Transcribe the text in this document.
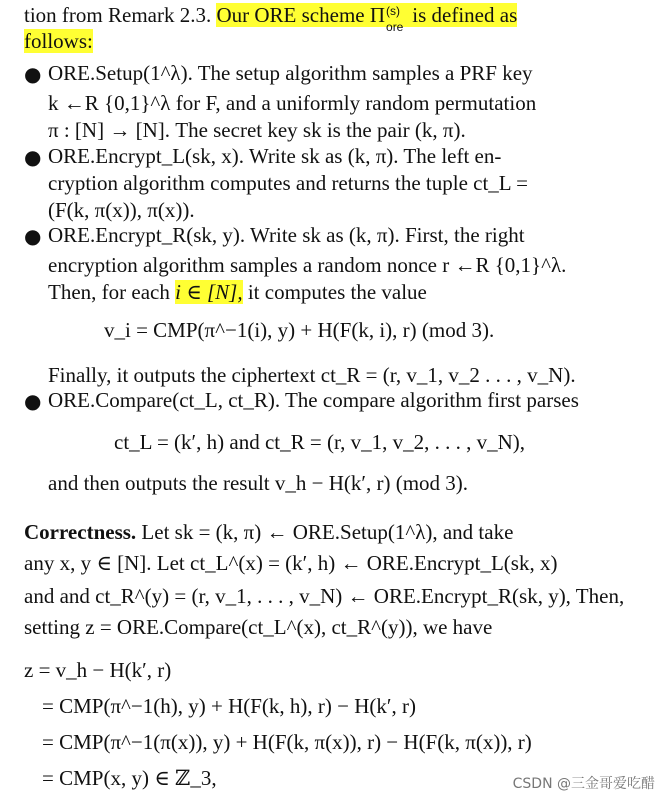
tion from Remark 2.3. Our ORE scheme Π (s)
ore is defined as
follows:
● ORE.Setup(1^λ). The setup algorithm samples a PRF key
k ←R {0,1}^λ for F, and a uniformly random permutation
π : [N] → [N]. The secret key sk is the pair (k, π).
● ORE.Encrypt_L(sk, x). Write sk as (k, π). The left en-
cryption algorithm computes and returns the tuple ct_L =
(F(k, π(x)), π(x)).
● ORE.Encrypt_R(sk, y). Write sk as (k, π). First, the right
encryption algorithm samples a random nonce r ←R {0,1}^λ.
Then, for each i ∈ [N], it computes the value
v_i = CMP(π^−1(i), y) + H(F(k, i), r) (mod 3).
Finally, it outputs the ciphertext ct_R = (r, v_1, v_2 . . . , v_N).
● ORE.Compare(ct_L, ct_R). The compare algorithm first parses
ct_L = (k′, h) and ct_R = (r, v_1, v_2, . . . , v_N),
and then outputs the result v_h − H(k′, r) (mod 3).
Correctness. Let sk = (k, π) ← ORE.Setup(1^λ), and take
any x, y ∈ [N]. Let ct_L^(x) = (k′, h) ← ORE.Encrypt_L(sk, x)
and and ct_R^(y) = (r, v_1, . . . , v_N) ← ORE.Encrypt_R(sk, y), Then,
setting z = ORE.Compare(ct_L^(x), ct_R^(y)), we have
z = v_h − H(k′, r)
= CMP(π^−1(h), y) + H(F(k, h), r) − H(k′, r)
= CMP(π^−1(π(x)), y) + H(F(k, π(x)), r) − H(F(k, π(x)), r)
= CMP(x, y) ∈ ℤ_3,	CSDN @三金哥爱吃醋
